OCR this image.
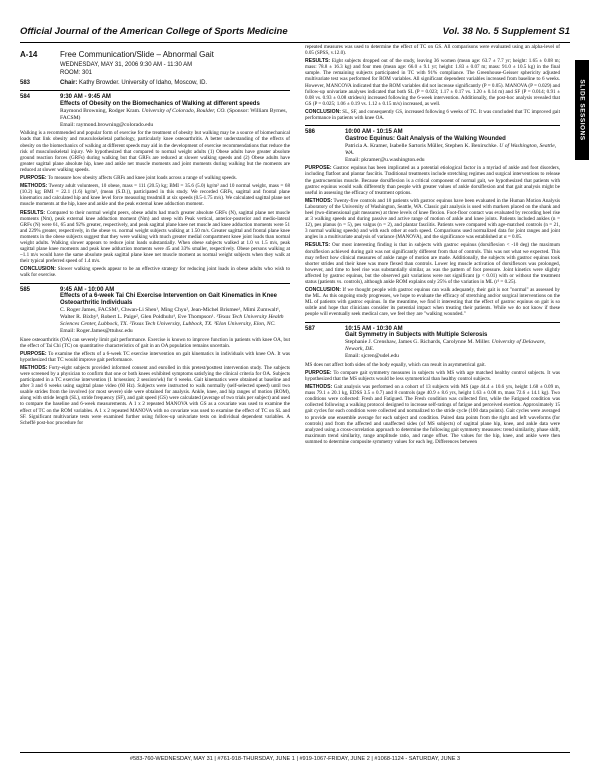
Official Journal of the American College of Sports Medicine	Vol. 38 No. 5 Supplement S1
SLIDE SESSIONS
A-14	Free Communication/Slide – Abnormal Gait
WEDNESDAY, MAY 31, 2006 9:30 AM - 11:30 AM
ROOM: 301
583	Chair: Kathy Browder. University of Idaho, Moscow, ID.
584	9:30 AM - 9:45 AM
Effects of Obesity on the Biomechanics of Walking at different speeds
Raymond Browning, Rodger Kram. University of Colorado, Boulder, CO. (Sponsor: William Byrnes, FACSM)
Email: raymond.browning@colorado.edu
Walking is a recommended and popular form of exercise for the treatment of obesity but walking may be a source of biomechanical loads that link obesity and musculoskeletal pathology, particularly knee osteoarthritis. A better understanding of the effects of obesity on the biomechanics of walking at different speeds may aid in the development of exercise recommendations that reduce the risk of musculoskeletal injury. We hypothesized that compared to normal weight adults (1) Obese adults have greater absolute ground reaction forces (GRFs) during walking but that GRFs are reduced at slower walking speeds and (2) Obese adults have greater sagittal plane absolute hip, knee and ankle net muscle moments and joint moments during walking but the moments are reduced at slower walking speeds.
PURPOSE: To measure how obesity affects GRFs and knee joint loads across a range of walking speeds.
METHODS: Twenty adult volunteers, 10 obese, mass = 111 (20.5) kg; BMI = 35.6 (5.0) kg/m² and 10 normal weight, mass = 68 (10.2) kg; BMI = 22.1 (1.6) kg/m², (mean (S.D.)), participated in this study. We recorded GRFs, sagittal and frontal plane kinematics and calculated hip and knee level force measuring treadmill at six speeds (0.5-1.75 m/s). We calculated sagittal plane net muscle moments at the hip, knee and ankle and the peak external knee adduction moment.
RESULTS: Compared to their normal weight peers, obese adults had much greater absolute GRFs (N), sagittal plane net muscle moments (Nm), peak external knee adduction moment (Nm) and steep with Peak vertical, anterior-posterior and medio-lateral GRFs (N) were 61, 65 and 92% greater, respectively, and peak sagittal plane knee net muscle and knee adduction moments were 51 and 229% greater, respectively, in the obese vs. normal weight subjects walking at 1.50 m/s. Greater sagittal and frontal plane knee moments in the obese subjects suggest that they were walking with much greater medial compartment knee joint loads than normal weight adults. Walking slower appears to reduce joint loads substantially. When obese subjects walked at 1.0 vs 1.5 m/s, peak sagittal plane knee moments and peak knee adduction moments were 45 and 33% smaller, respectively. Obese persons walking at ~1.1 m/s would have the same absolute peak sagittal plane knee net muscle moment as normal weight subjects when they walk at their typical preferred speed of 1.4 m/s.
CONCLUSION: Slower walking speeds appear to be an effective strategy for reducing joint loads in obese adults who wish to walk for exercise.
585	9:45 AM - 10:00 AM
Effects of a 6-week Tai Chi Exercise Intervention on Gait Kinematics in Knee Osteoarthritic Individuals
C. Roger James, FACSM¹, Chwan-Li Shen¹, Ming Chyu², Jean-Michel Brismee¹, Mimi Zumwalt¹, Walter R. Bixby³, Robert L. Paige², Glen Poldhuhr¹, Eve Thompson¹. ¹Texas Tech University Health Sciences Center, Lubbock, TX. ²Texas Tech University, Lubbock, TX. ³Elon University, Elon, NC.
Email: Roger.James@ttuhsc.edu
Knee osteoarthritis (OA) can severely limit gait performance. Exercise is known to improve function in patients with knee OA, but the effect of Tai Chi (TC) on quantitative characteristics of gait in an OA population remains uncertain.
PURPOSE: To examine the effects of a 6-week TC exercise intervention on gait kinematics in individuals with knee OA. It was hypothesized that TC would improve gait performance.
METHODS: Forty-eight subjects provided informed consent and enrolled in this pretest/posttest intervention study. The subjects were screened by a physician to confirm that one or both knees exhibited symptoms satisfying the clinical criteria for OA. Subjects participated in a TC exercise intervention (1 hr/session; 2 session/wk) for 6 weeks. Gait kinematics were obtained at baseline and after 3 and 6 weeks using sagittal plane video (60 Hz). Subjects were instructed to walk normally (self-selected speed) until two usable strides from the involved (or most severe) side were obtained for analysis. Ankle, knee, and hip ranges of motion (ROM), along with stride length (SL), stride frequency (SF), and gait speed (GS) were calculated (average of two trials per subject) and used to compare the baseline and 6-week measurements. A 1 x 2 repeated MANOVA with GS as a covariate was used to examine the effect of TC on the ROM variables. A 1 x 2 repeated MANOVA with no covariate was used to examine the effect of TC on SL and SF. Significant multivariate tests were examined further using follow-up univariate tests on individual dependent variables. A Scheffé post-hoc procedure for
repeated measures was used to determine the effect of TC on GS. All comparisons were evaluated using an alpha-level of 0.05 (SPSS, v.12.0).
RESULTS: Eight subjects dropped out of the study, leaving 36 women (mean age: 63.7 ± 7.7 yr; height: 1.65 ± 0.08 m; mass: 78.8 ± 16.3 kg) and four men (mean age: 66.0 ± 9.1 yr; height: 1.83 ± 0.07 m; mass: 91.0 ± 10.5 kg) in the final sample. The remaining subjects participated in TC with 91% compliance. The Greenhouse-Geisser sphericity adjusted multivariate test was performed for ROM variables. All significant dependent variables increased from baseline to 6 weeks. However, MANCOVA indicated that the ROM variables did not increase significantly (P = 0.05). MANOVA (P = 0.029) and follow-up univariate analyses indicated that both SL (P = 0.023; 1.17 ± 0.17 vs. 1.20 ± 0.14 m) and SF (P = 0.014; 0.91 ± 0.08 vs. 0.93 ± 0.08 strides/s) increased following the 6-week intervention. Additionally, the post-hoc analysis revealed that GS (P = 0.025; 1.06 ± 0.19 vs. 1.12 ± 0.15 m/s) increased, as well.
CONCLUSION: SL, SF, and consequently GS, increased following 6 weeks of TC. It was concluded that TC improved gait performance in patients with knee OA.
586	10:00 AM - 10:15 AM
Gastroc Equinus: Gait Analysis of the Walking Wounded
Patricia A. Kramer, Isabelle Sartoris Müller, Stephen K. Benirschke. U of Washington, Seattle, WA.
Email: pkramer@u.washington.edu
PURPOSE: Gastroc equinus has been implicated as a potential etiological factor in a myriad of ankle and foot disorders, including flatfoot and plantar fasciitis. Traditional treatments include stretching regimes and surgical interventions to release the gastrocnemius muscle. Because dorsiflexion is a critical component of normal gait, we hypothesized that patients with gastroc equinus would walk differently than people with greater values of ankle dorsiflexion and that gait analysis might be useful in assessing the efficacy of treatment options.
METHODS: Twenty-five controls and 10 patients with gastroc equinus have been evaluated in the Human Motion Analysis Laboratory of the University of Washington, Seattle, WA. Classic gait analysis is used with markers placed on the shank and heel (two-dimensional gait measures) at three levels of knee flexion. Foot-floor contact was evaluated by recording heel rise at 3 walking speeds and during passive and active range of motion of ankle and knee joints. Patients included ankles (n = 12), pes planus (n = 5), pes valgus (n = 2), and plantar fasciitis. Patients were compared with age-matched controls (n = 21, 3 normal walking speeds) and with each other at each speed. Comparisons used normalized data for joint ranges and joint angles in a multivariate analysis of variance (MANOVA), and the significance was established at α = 0.05.
RESULTS: Our most interesting finding is that in subjects with gastroc equinus (dorsiflexion < -10 deg) the maximum dorsiflexion achieved during gait was not significantly different from that of controls. This was not what we expected. This may reflect how clinical measures of ankle range of motion are made. Additionally, the subjects with gastroc equinus took shorter strides and their knee was more flexed than controls. Lower leg muscle activation of dorsiflexors was prolonged, however, and time to heel rise was substantially similar, as was the pattern of foot pressure. Joint kinetics were slightly affected by gastroc equinus, but the observed gait variations were not significant (p < 0.01) with or without the treatment status (patients vs. controls), although ankle ROM explains only 25% of the variation in ML (r² = 0.25).
CONCLUSION: If we thought people with gastroc equinus can walk adequately, their gait is not "normal" as assessed by the ML. As this ongoing study progresses, we hope to evaluate the efficacy of stretching and/or surgical interventions on the ML of patients with gastroc equinus. In the meantime, we find it interesting that the effect of gastroc equinus on gait is so subtle and hope that clinicians consider its potential impact when treating their patients. While we do not know if these people will eventually seek medical care, we feel they are "walking wounded."
587	10:15 AM - 10:30 AM
Gait Symmetry in Subjects with Multiple Sclerosis
Stephanie J. Crenshaw, James G. Richards, Carolynne M. Miller. University of Delaware, Newark, DE.
Email: sjcren@udel.edu
MS does not affect both sides of the body equally, which can result in asymmetrical gait.
PURPOSE: To compare gait symmetry measures in subjects with MS with age matched healthy control subjects. It was hypothesized that the MS subjects would be less symmetrical than healthy control subjects.
METHODS: Gait analysis was performed on a cohort of 13 subjects with MS (age 44.4 ± 10.6 yrs, height 1.68 ± 0.09 m, mass 79.1 ± 20.1 kg, EDSS 3.5 ± 0.7) and 8 controls (age 40.9 ± 8.6 yrs, height 1.63 ± 0.08 m, mass 72.6 ± 14.1 kg). Two conditions were collected: Fresh and Fatigued. The Fresh condition was collected first, while the Fatigued condition was collected following a walking protocol designed to increase self-ratings of fatigue and perceived exertion. Approximately 15 gait cycles for each condition were collected and normalized to the stride cycle (100 data points). Gait cycles were averaged to provide one ensemble average for each subject and condition. Paired data points from the right and left waveforms (for controls) and from the affected and unaffected sides (of MS subjects) of sagittal plane hip, knee, and ankle data were analyzed using a cross-correlation approach to determine the following gait symmetry measures: trend similarity, phase shift, maximum trend similarity, range amplitude ratio, and range offset. The values for the hip, knee, and ankle were then summed to determine composite symmetry values for each leg. Differences between
#583-760-WEDNESDAY, MAY 31 | #761-918-THURSDAY, JUNE 1 | #919-1067-FRIDAY, JUNE 2 | #1068-1124 - SATURDAY, JUNE 3
